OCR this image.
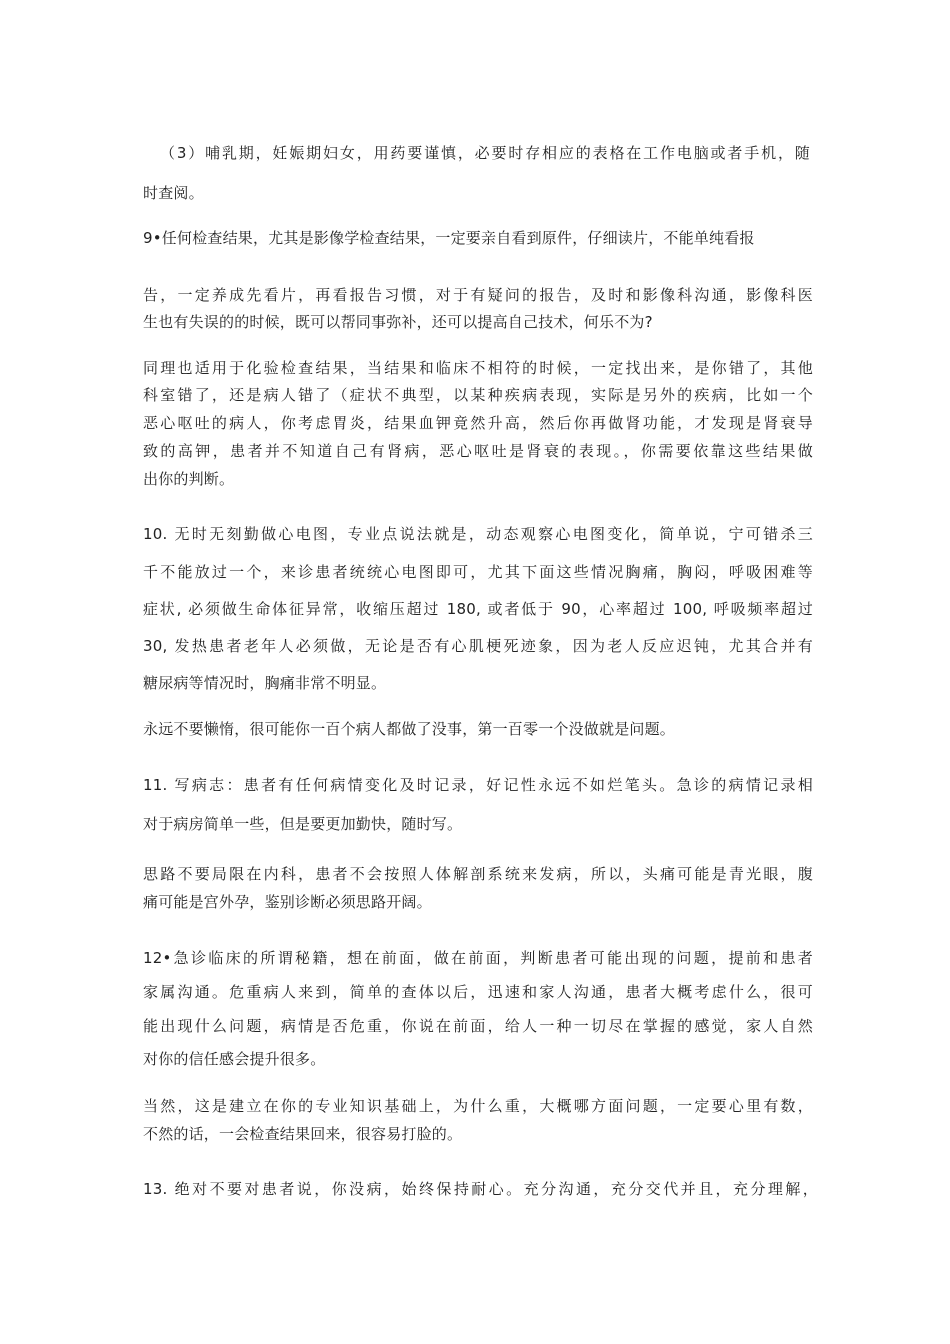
（3）哺乳期，妊娠期妇女，用药要谨慎，必要时存相应的表格在工作电脑或者手机，随

时查阅。

9•任何检查结果，尤其是影像学检查结果，一定要亲自看到原件，仔细读片，不能单纯看报

告，一定养成先看片，再看报告习惯，对于有疑问的报告，及时和影像科沟通，影像科医

生也有失误的的时候，既可以帮同事弥补，还可以提高自己技术，何乐不为?

同理也适用于化验检查结果，当结果和临床不相符的时候，一定找出来，是你错了，其他

科室错了，还是病人错了（症状不典型，以某种疾病表现，实际是另外的疾病，比如一个

恶心呕吐的病人，你考虑胃炎，结果血钾竟然升高，然后你再做肾功能，才发现是肾衰导

致的高钾，患者并不知道自己有肾病，恶心呕吐是肾衰的表现。，你需要依靠这些结果做

出你的判断。

10. 无时无刻勤做心电图，专业点说法就是，动态观察心电图变化，简单说，宁可错杀三

千不能放过一个，来诊患者统统心电图即可，尤其下面这些情况胸痛，胸闷，呼吸困难等

症状, 必须做生命体征异常，收缩压超过 180, 或者低于 90，心率超过 100, 呼吸频率超过

30, 发热患者老年人必须做，无论是否有心肌梗死迹象，因为老人反应迟钝，尤其合并有

糖尿病等情况时，胸痛非常不明显。

永远不要懒惰，很可能你一百个病人都做了没事，第一百零一个没做就是问题。

11. 写病志：患者有任何病情变化及时记录，好记性永远不如烂笔头。急诊的病情记录相

对于病房简单一些，但是要更加勤快，随时写。

思路不要局限在内科，患者不会按照人体解剖系统来发病，所以，头痛可能是青光眼，腹

痛可能是宫外孕，鉴别诊断必须思路开阔。

12•急诊临床的所谓秘籍，想在前面，做在前面，判断患者可能出现的问题，提前和患者

家属沟通。危重病人来到，简单的查体以后，迅速和家人沟通，患者大概考虑什么，很可

能出现什么问题，病情是否危重，你说在前面，给人一种一切尽在掌握的感觉，家人自然

对你的信任感会提升很多。

当然，这是建立在你的专业知识基础上，为什么重，大概哪方面问题，一定要心里有数，

不然的话，一会检查结果回来，很容易打脸的。

13. 绝对不要对患者说，你没病，始终保持耐心。充分沟通，充分交代并且，充分理解，
